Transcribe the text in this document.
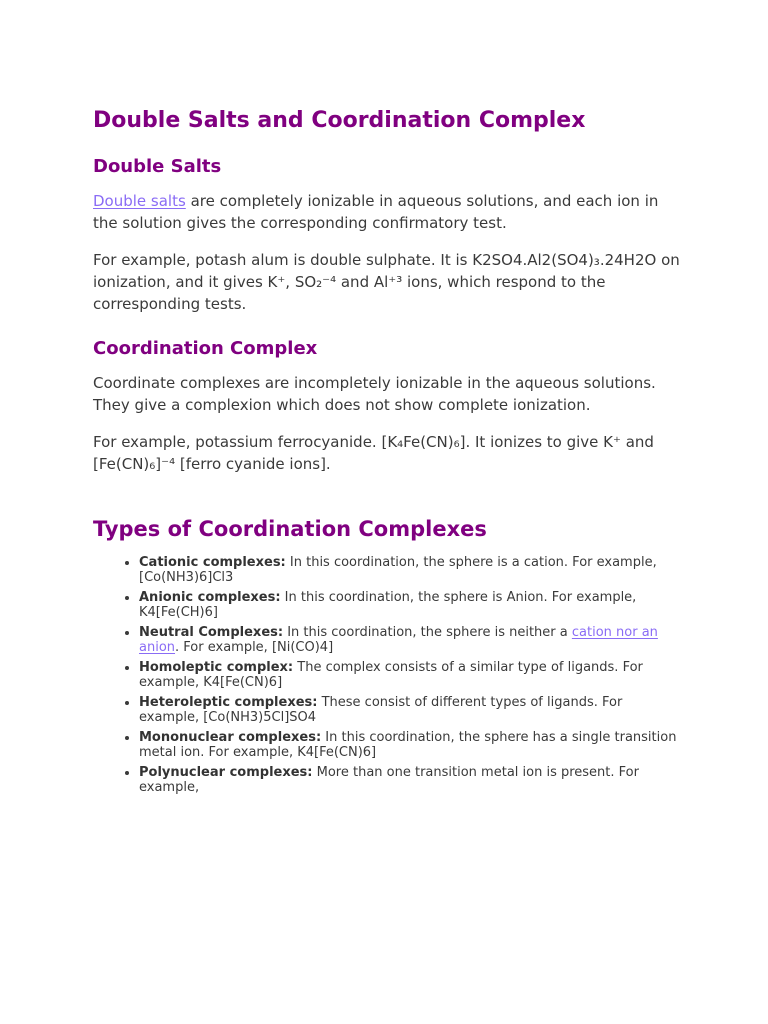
Double Salts and Coordination Complex
Double Salts

Double salts are completely ionizable in aqueous solutions, and each ion in the solution gives the corresponding confirmatory test.

For example, potash alum is double sulphate. It is K2SO4.Al2(SO4)₃.24H2O on ionization, and it gives K⁺, SO₂⁻⁴ and Al⁺³ ions, which respond to the corresponding tests.

Coordination Complex

Coordinate complexes are incompletely ionizable in the aqueous solutions. They give a complexion which does not show complete ionization.

For example, potassium ferrocyanide. [K₄Fe(CN)₆]. It ionizes to give K⁺ and [Fe(CN)₆]⁻⁴ [ferro cyanide ions].

Types of Coordination Complexes
• Cationic complexes: In this coordination, the sphere is a cation. For example, [Co(NH3)6]Cl3
• Anionic complexes: In this coordination, the sphere is Anion. For example, K4[Fe(CH)6]
• Neutral Complexes: In this coordination, the sphere is neither a cation nor an anion. For example, [Ni(CO)4]
• Homoleptic complex: The complex consists of a similar type of ligands. For example, K4[Fe(CN)6]
• Heteroleptic complexes: These consist of different types of ligands. For example, [Co(NH3)5Cl]SO4
• Mononuclear complexes: In this coordination, the sphere has a single transition metal ion. For example, K4[Fe(CN)6]
• Polynuclear complexes: More than one transition metal ion is present. For example,
